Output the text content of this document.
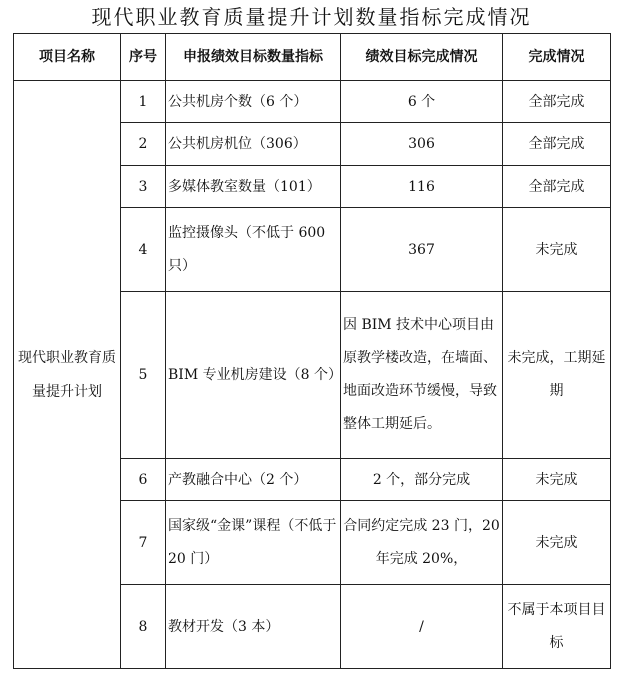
现代职业教育质量提升计划数量指标完成情况
项目名称	序号	申报绩效目标数量指标	绩效目标完成情况	完成情况
现代职业教育质量提升计划	1	公共机房个数（6 个）	6 个	全部完成
	2	公共机房机位（306）	306	全部完成
	3	多媒体教室数量（101）	116	全部完成
	4	监控摄像头（不低于 600 只）	367	未完成
	5	BIM 专业机房建设（8 个）	因 BIM 技术中心项目由原教学楼改造，在墙面、地面改造环节缓慢，导致整体工期延后。	未完成，工期延期
	6	产教融合中心（2 个）	2 个，部分完成	未完成
	7	国家级“金课”课程（不低于 20 门）	合同约定完成 23 门，20 年完成 20%，	未完成
	8	教材开发（3 本）	/	不属于本项目目标
